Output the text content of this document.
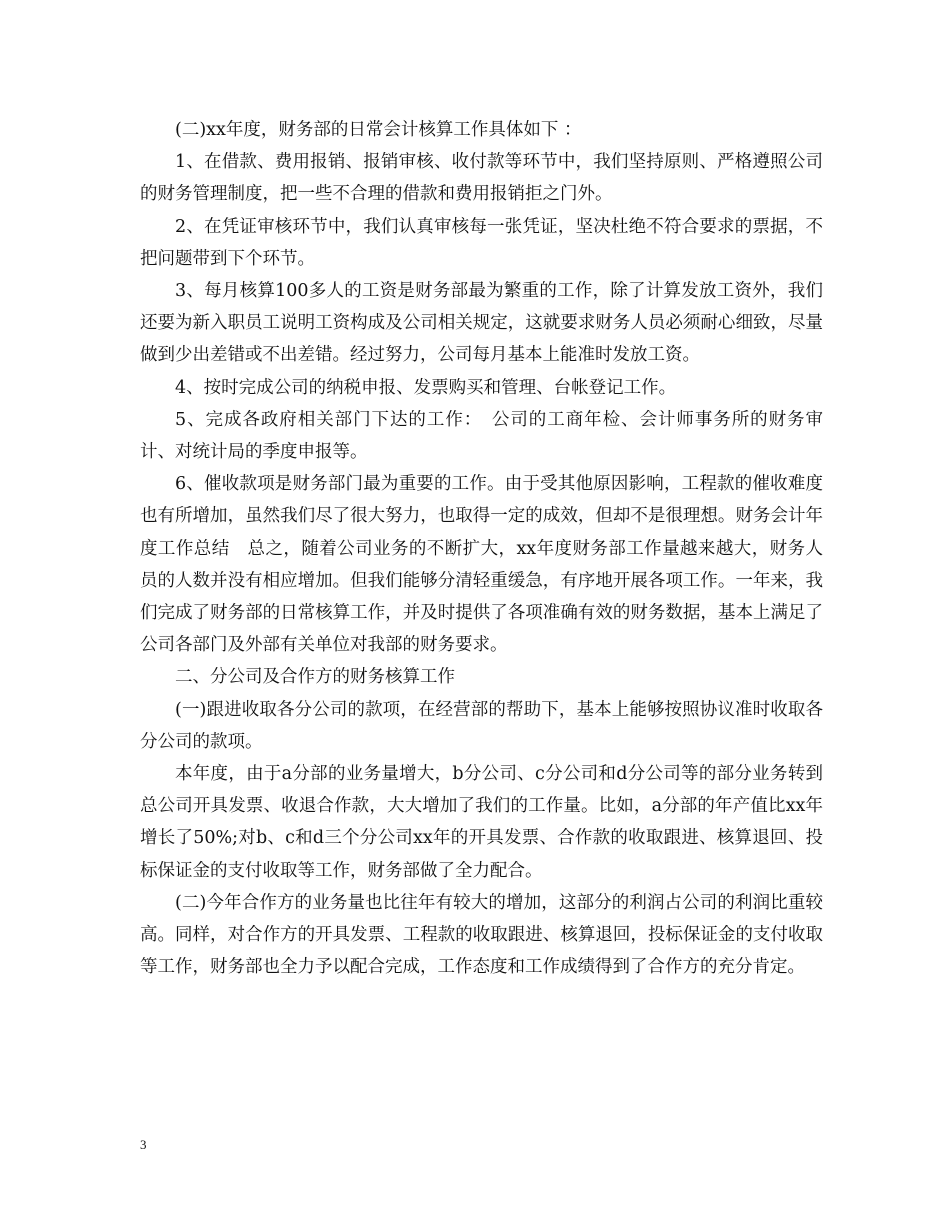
(二)xx年度，财务部的日常会计核算工作具体如下 ：

1、在借款、费用报销、报销审核、收付款等环节中，我们坚持原则、严格遵照公司的财务管理制度，把一些不合理的借款和费用报销拒之门外。

2、在凭证审核环节中，我们认真审核每一张凭证，坚决杜绝不符合要求的票据，不把问题带到下个环节。

3、每月核算100多人的工资是财务部最为繁重的工作，除了计算发放工资外，我们还要为新入职员工说明工资构成及公司相关规定，这就要求财务人员必须耐心细致，尽量做到少出差错或不出差错。经过努力，公司每月基本上能准时发放工资。

4、按时完成公司的纳税申报、发票购买和管理、台帐登记工作。

5、完成各政府相关部门下达的工作：　公司的工商年检、会计师事务所的财务审计、对统计局的季度申报等。

6、催收款项是财务部门最为重要的工作。由于受其他原因影响，工程款的催收难度也有所增加，虽然我们尽了很大努力，也取得一定的成效，但却不是很理想。财务会计年度工作总结　总之，随着公司业务的不断扩大，xx年度财务部工作量越来越大，财务人员的人数并没有相应增加。但我们能够分清轻重缓急，有序地开展各项工作。一年来，我们完成了财务部的日常核算工作，并及时提供了各项准确有效的财务数据，基本上满足了公司各部门及外部有关单位对我部的财务要求。

二、分公司及合作方的财务核算工作

(一)跟进收取各分公司的款项，在经营部的帮助下，基本上能够按照协议准时收取各分公司的款项。

本年度，由于a分部的业务量增大，b分公司、c分公司和d分公司等的部分业务转到总公司开具发票、收退合作款，大大增加了我们的工作量。比如，a分部的年产值比xx年增长了50%;对b、c和d三个分公司xx年的开具发票、合作款的收取跟进、核算退回、投标保证金的支付收取等工作，财务部做了全力配合。

(二)今年合作方的业务量也比往年有较大的增加，这部分的利润占公司的利润比重较高。同样，对合作方的开具发票、工程款的收取跟进、核算退回，投标保证金的支付收取等工作，财务部也全力予以配合完成，工作态度和工作成绩得到了合作方的充分肯定。

3
